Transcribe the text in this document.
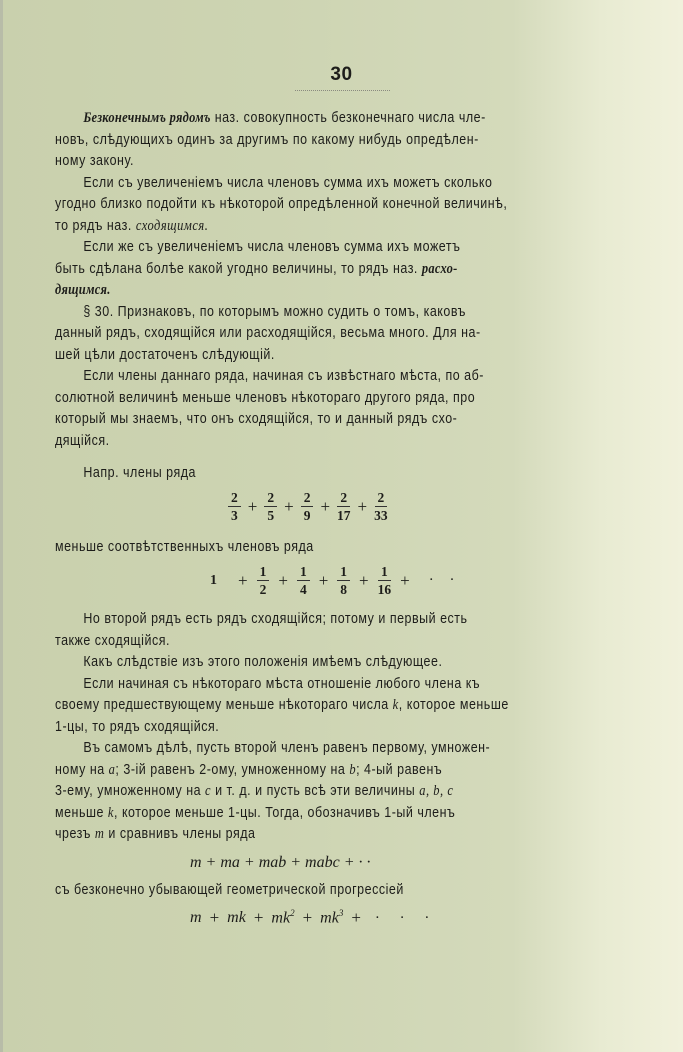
30
Безконечнымъ рядомъ наз. совокупность безконечнаго числа чле-
новъ, слѣдующихъ одинъ за другимъ по какому нибудь опредѣлен-
ному закону.
Если съ увеличеніемъ числа членовъ сумма ихъ можетъ сколько
угодно близко подойти къ нѣкоторой опредѣленной конечной величинѣ,
то рядъ наз. сходящимся.
Если же съ увеличеніемъ числа членовъ сумма ихъ можетъ
быть сдѣлана болѣе какой угодно величины, то рядъ наз. расхо-
дящимся.
§ 30. Признаковъ, по которымъ можно судить о томъ, каковъ
данный рядъ, сходящійся или расходящійся, весьма много. Для на-
шей цѣли достаточенъ слѣдующій.
Если члены даннаго ряда, начиная съ извѣстнаго мѣста, по аб-
солютной величинѣ меньше членовъ нѣкотораго другого ряда, про
который мы знаемъ, что онъ сходящійся, то и данный рядъ схо-
дящійся.
Напр. члены ряда
$\frac{2}{3} + \frac{2}{5} + \frac{2}{9} + \frac{2}{17} + \frac{2}{33}$
меньше соотвѣтственныхъ членовъ ряда
$1 + \frac{1}{2} + \frac{1}{4} + \frac{1}{8} + \frac{1}{16}$ + · ·
Но второй рядъ есть рядъ сходящійся; потому и первый есть
также сходящійся.
Какъ слѣдствіе изъ этого положенія имѣемъ слѣдующее.
Если начиная съ нѣкотораго мѣста отношеніе любого члена къ
своему предшествующему меньше нѣкотораго числа k, которое меньше
1-цы, то рядъ сходящійся.
Въ самомъ дѣлѣ, пусть второй членъ равенъ первому, умножен-
ному на a; 3-ій равенъ 2-ому, умноженному на b; 4-ый равенъ
3-ему, умноженному на c и т. д. и пусть всѣ эти величины a, b, c
меньше k, которое меньше 1-цы. Тогда, обозначивъ 1-ый членъ
чрезъ m и сравнивъ члены ряда
m + ma + mab + mabc + · ·
съ безконечно убывающей геометрической прогрессіей
m + mk + $mk^2 + mk^3$ + · · ·
